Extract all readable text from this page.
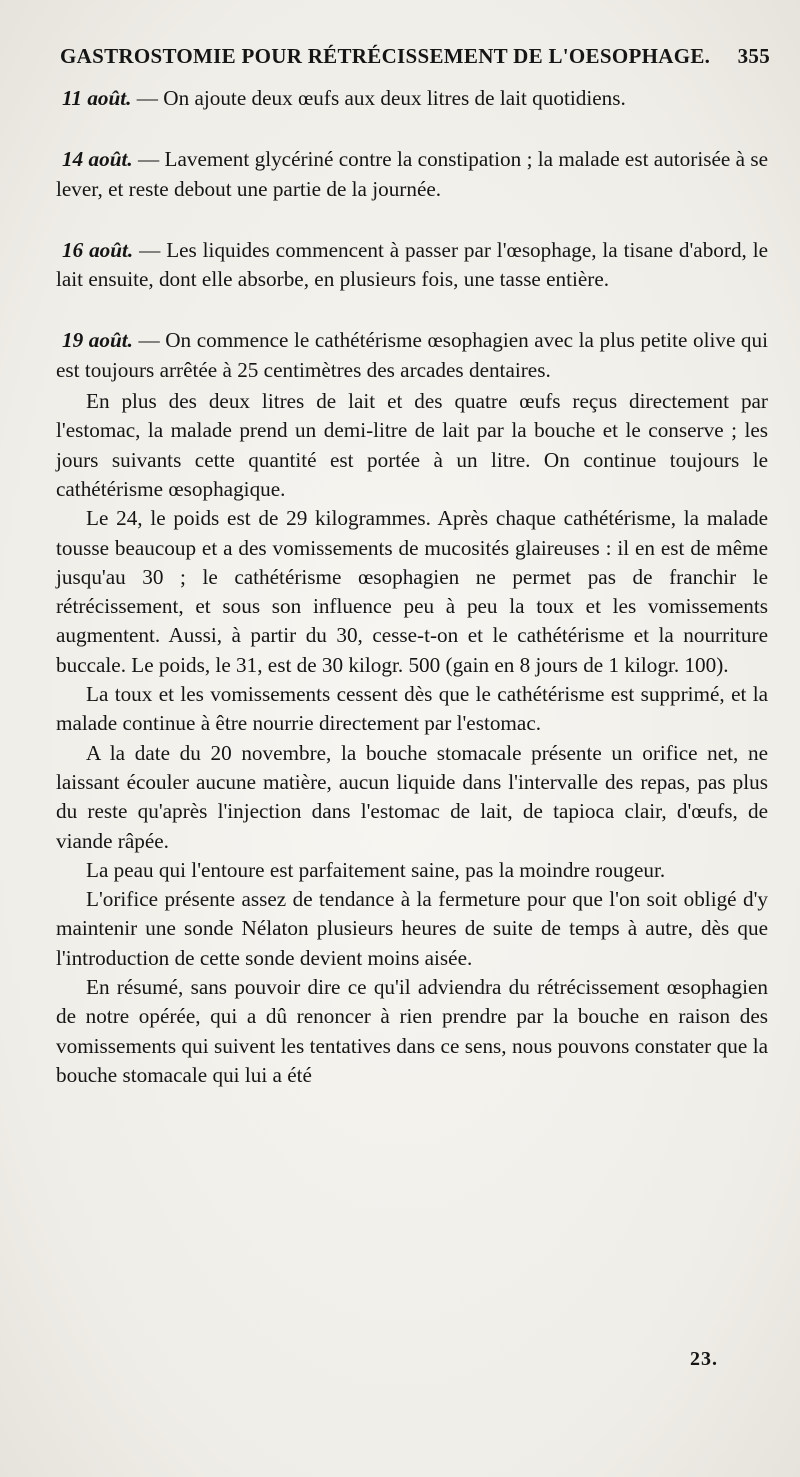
GASTROSTOMIE POUR RÉTRÉCISSEMENT DE L'OESOPHAGE. 355

11 août. — On ajoute deux œufs aux deux litres de lait quotidiens.

14 août. — Lavement glycériné contre la constipation ; la malade est autorisée à se lever, et reste debout une partie de la journée.

16 août. — Les liquides commencent à passer par l'œsophage, la tisane d'abord, le lait ensuite, dont elle absorbe, en plusieurs fois, une tasse entière.

19 août. — On commence le cathétérisme œsophagien avec la plus petite olive qui est toujours arrêtée à 25 centimètres des arcades dentaires.

En plus des deux litres de lait et des quatre œufs reçus directement par l'estomac, la malade prend un demi-litre de lait par la bouche et le conserve ; les jours suivants cette quantité est portée à un litre. On continue toujours le cathétérisme œsophagique.

Le 24, le poids est de 29 kilogrammes. Après chaque cathétérisme, la malade tousse beaucoup et a des vomissements de mucosités glaireuses : il en est de même jusqu'au 30 ; le cathétérisme œsophagien ne permet pas de franchir le rétrécissement, et sous son influence peu à peu la toux et les vomissements augmentent. Aussi, à partir du 30, cesse-t-on et le cathétérisme et la nourriture buccale. Le poids, le 31, est de 30 kilogr. 500 (gain en 8 jours de 1 kilogr. 100).

La toux et les vomissements cessent dès que le cathétérisme est supprimé, et la malade continue à être nourrie directement par l'estomac.

A la date du 20 novembre, la bouche stomacale présente un orifice net, ne laissant écouler aucune matière, aucun liquide dans l'intervalle des repas, pas plus du reste qu'après l'injection dans l'estomac de lait, de tapioca clair, d'œufs, de viande râpée.

La peau qui l'entoure est parfaitement saine, pas la moindre rougeur.

L'orifice présente assez de tendance à la fermeture pour que l'on soit obligé d'y maintenir une sonde Nélaton plusieurs heures de suite de temps à autre, dès que l'introduction de cette sonde devient moins aisée.

En résumé, sans pouvoir dire ce qu'il adviendra du rétrécissement œsophagien de notre opérée, qui a dû renoncer à rien prendre par la bouche en raison des vomissements qui suivent les tentatives dans ce sens, nous pouvons constater que la bouche stomacale qui lui a été

23.
